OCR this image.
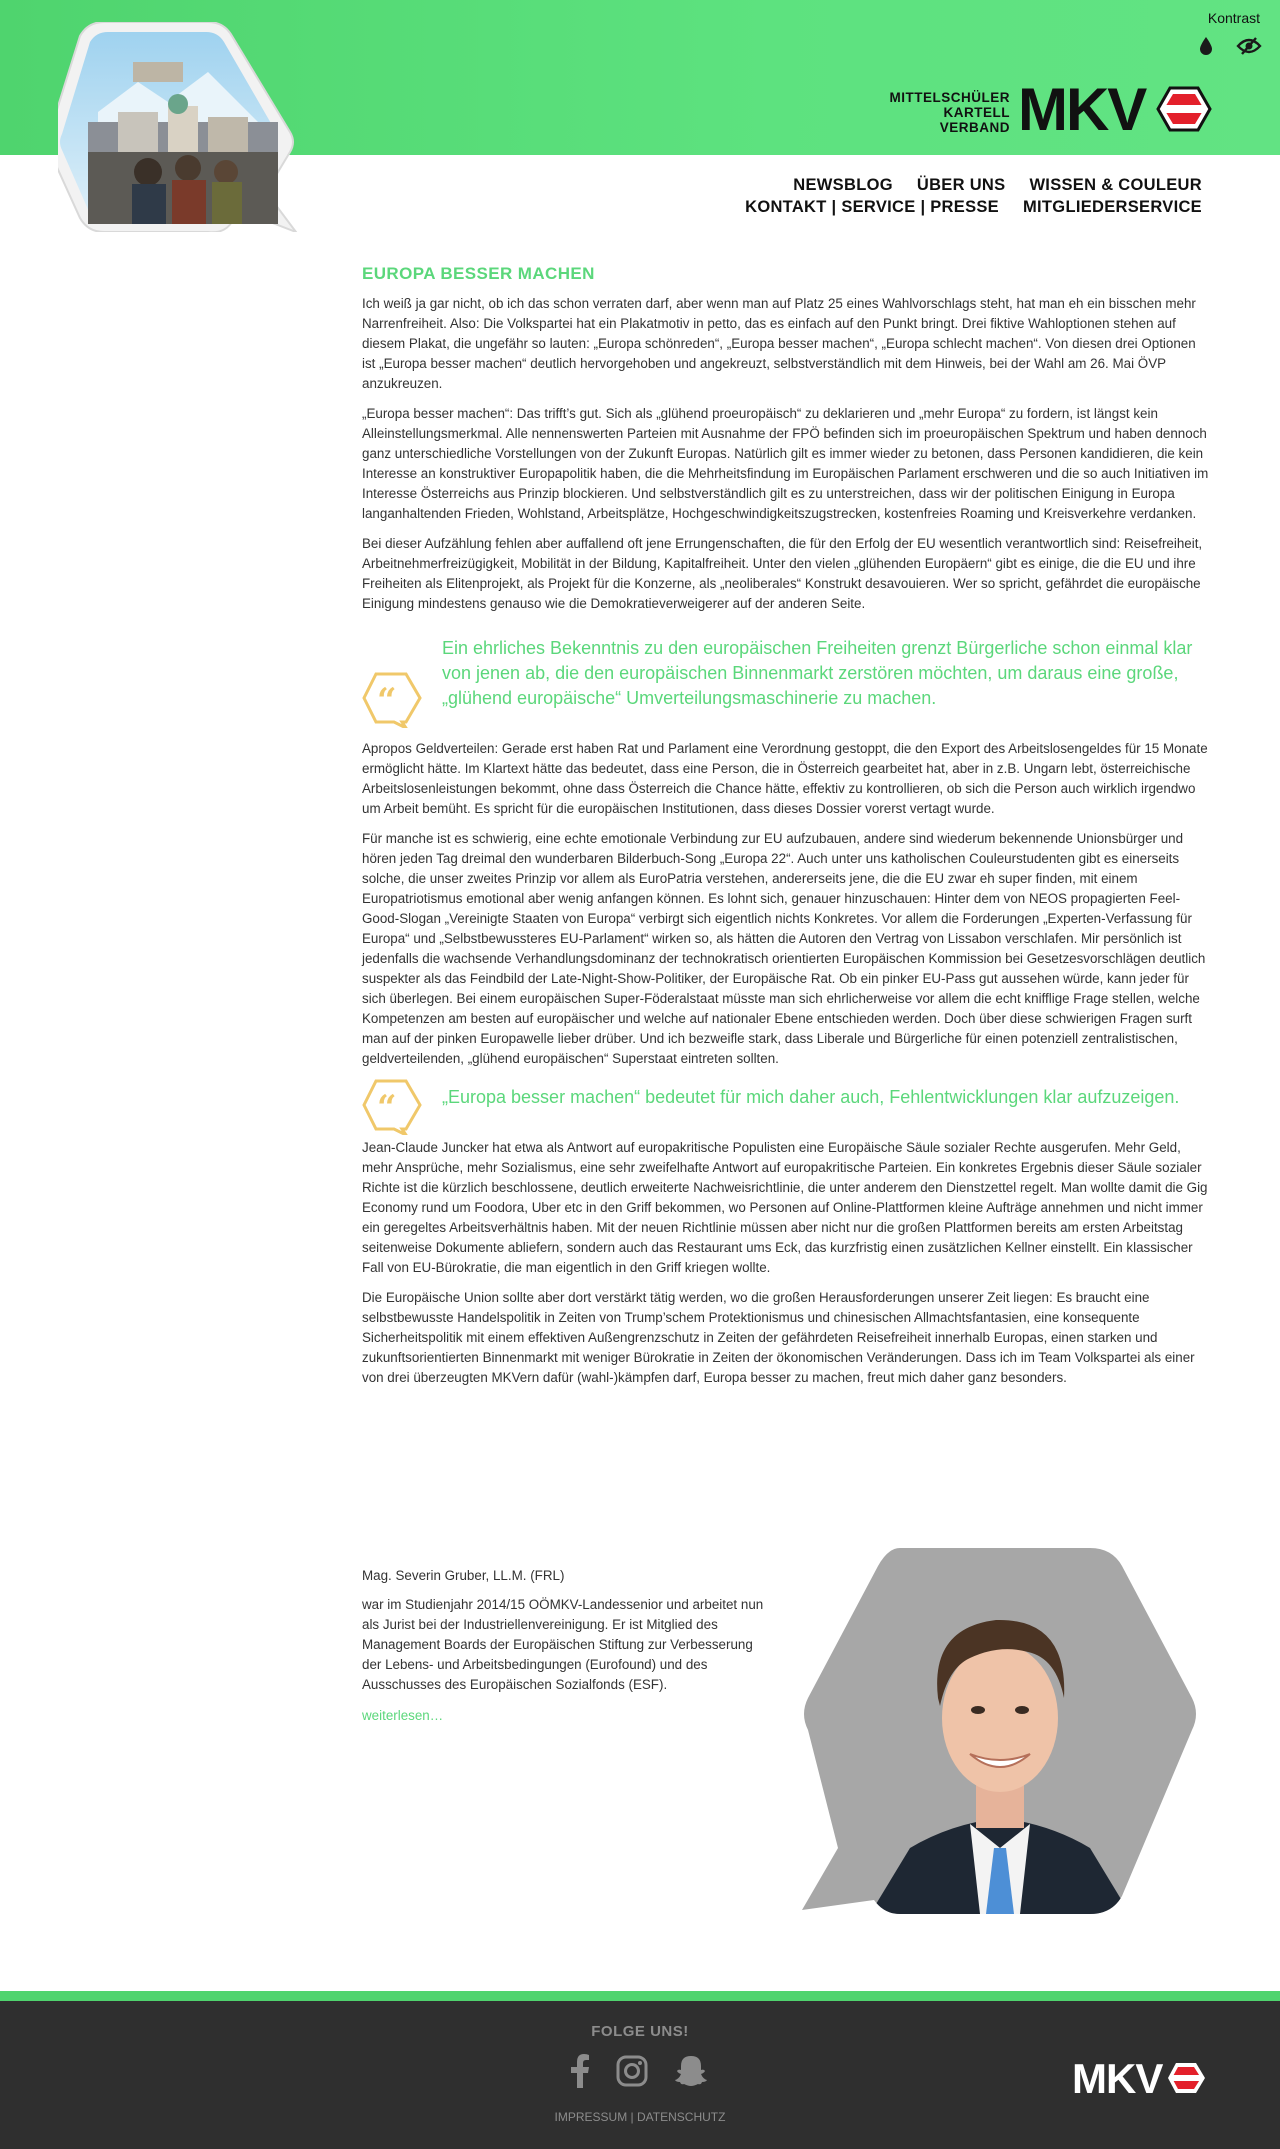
Kontrast
MITTELSCHÜLER
KARTELL
VERBAND MKV
NEWSBLOG ÜBER UNS WISSEN & COULEUR
KONTAKT | SERVICE | PRESSE MITGLIEDERSERVICE
EUROPA BESSER MACHEN

Ich weiß ja gar nicht, ob ich das schon verraten darf, aber wenn man auf Platz 25 eines Wahlvorschlags steht, hat man eh ein bisschen mehr Narrenfreiheit. Also: Die Volkspartei hat ein Plakatmotiv in petto, das es einfach auf den Punkt bringt. Drei fiktive Wahloptionen stehen auf diesem Plakat, die ungefähr so lauten: „Europa schönreden“, „Europa besser machen“, „Europa schlecht machen“. Von diesen drei Optionen ist „Europa besser machen“ deutlich hervorgehoben und angekreuzt, selbstverständlich mit dem Hinweis, bei der Wahl am 26. Mai ÖVP anzukreuzen.

„Europa besser machen“: Das trifft’s gut. Sich als „glühend proeuropäisch“ zu deklarieren und „mehr Europa“ zu fordern, ist längst kein Alleinstellungsmerkmal. Alle nennenswerten Parteien mit Ausnahme der FPÖ befinden sich im proeuropäischen Spektrum und haben dennoch ganz unterschiedliche Vorstellungen von der Zukunft Europas. Natürlich gilt es immer wieder zu betonen, dass Personen kandidieren, die kein Interesse an konstruktiver Europapolitik haben, die die Mehrheitsfindung im Europäischen Parlament erschweren und die so auch Initiativen im Interesse Österreichs aus Prinzip blockieren. Und selbstverständlich gilt es zu unterstreichen, dass wir der politischen Einigung in Europa langanhaltenden Frieden, Wohlstand, Arbeitsplätze, Hochgeschwindigkeitszugstrecken, kostenfreies Roaming und Kreisverkehre verdanken.

Bei dieser Aufzählung fehlen aber auffallend oft jene Errungenschaften, die für den Erfolg der EU wesentlich verantwortlich sind: Reisefreiheit, Arbeitnehmerfreizügigkeit, Mobilität in der Bildung, Kapitalfreiheit. Unter den vielen „glühenden Europäern“ gibt es einige, die die EU und ihre Freiheiten als Elitenprojekt, als Projekt für die Konzerne, als „neoliberales“ Konstrukt desavouieren. Wer so spricht, gefährdet die europäische Einigung mindestens genauso wie die Demokratieverweigerer auf der anderen Seite.

“
Ein ehrliches Bekenntnis zu den europäischen Freiheiten grenzt Bürgerliche schon einmal klar von jenen ab, die den europäischen Binnenmarkt zerstören möchten, um daraus eine große, „glühend europäische“ Umverteilungsmaschinerie zu machen.

Apropos Geldverteilen: Gerade erst haben Rat und Parlament eine Verordnung gestoppt, die den Export des Arbeitslosengeldes für 15 Monate ermöglicht hätte. Im Klartext hätte das bedeutet, dass eine Person, die in Österreich gearbeitet hat, aber in z.B. Ungarn lebt, österreichische Arbeitslosenleistungen bekommt, ohne dass Österreich die Chance hätte, effektiv zu kontrollieren, ob sich die Person auch wirklich irgendwo um Arbeit bemüht. Es spricht für die europäischen Institutionen, dass dieses Dossier vorerst vertagt wurde.

Für manche ist es schwierig, eine echte emotionale Verbindung zur EU aufzubauen, andere sind wiederum bekennende Unionsbürger und hören jeden Tag dreimal den wunderbaren Bilderbuch-Song „Europa 22“. Auch unter uns katholischen Couleurstudenten gibt es einerseits solche, die unser zweites Prinzip vor allem als EuroPatria verstehen, andererseits jene, die die EU zwar eh super finden, mit einem Europatriotismus emotional aber wenig anfangen können. Es lohnt sich, genauer hinzuschauen: Hinter dem von NEOS propagierten Feel-Good-Slogan „Vereinigte Staaten von Europa“ verbirgt sich eigentlich nichts Konkretes. Vor allem die Forderungen „Experten-Verfassung für Europa“ und „Selbstbewussteres EU-Parlament“ wirken so, als hätten die Autoren den Vertrag von Lissabon verschlafen. Mir persönlich ist jedenfalls die wachsende Verhandlungsdominanz der technokratisch orientierten Europäischen Kommission bei Gesetzesvorschlägen deutlich suspekter als das Feindbild der Late-Night-Show-Politiker, der Europäische Rat. Ob ein pinker EU-Pass gut aussehen würde, kann jeder für sich überlegen. Bei einem europäischen Super-Föderalstaat müsste man sich ehrlicherweise vor allem die echt knifflige Frage stellen, welche Kompetenzen am besten auf europäischer und welche auf nationaler Ebene entschieden werden. Doch über diese schwierigen Fragen surft man auf der pinken Europawelle lieber drüber. Und ich bezweifle stark, dass Liberale und Bürgerliche für einen potenziell zentralistischen, geldverteilenden, „glühend europäischen“ Superstaat eintreten sollten.

“	„Europa besser machen“ bedeutet für mich daher auch, Fehlentwicklungen klar aufzuzeigen.

Jean-Claude Juncker hat etwa als Antwort auf europakritische Populisten eine Europäische Säule sozialer Rechte ausgerufen. Mehr Geld, mehr Ansprüche, mehr Sozialismus, eine sehr zweifelhafte Antwort auf europakritische Parteien. Ein konkretes Ergebnis dieser Säule sozialer Richte ist die kürzlich beschlossene, deutlich erweiterte Nachweisrichtlinie, die unter anderem den Dienstzettel regelt. Man wollte damit die Gig Economy rund um Foodora, Uber etc in den Griff bekommen, wo Personen auf Online-Plattformen kleine Aufträge annehmen und nicht immer ein geregeltes Arbeitsverhältnis haben. Mit der neuen Richtlinie müssen aber nicht nur die großen Plattformen bereits am ersten Arbeitstag seitenweise Dokumente abliefern, sondern auch das Restaurant ums Eck, das kurzfristig einen zusätzlichen Kellner einstellt. Ein klassischer Fall von EU-Bürokratie, die man eigentlich in den Griff kriegen wollte.

Die Europäische Union sollte aber dort verstärkt tätig werden, wo die großen Herausforderungen unserer Zeit liegen: Es braucht eine selbstbewusste Handelspolitik in Zeiten von Trump’schem Protektionismus und chinesischen Allmachtsfantasien, eine konsequente Sicherheitspolitik mit einem effektiven Außengrenzschutz in Zeiten der gefährdeten Reisefreiheit innerhalb Europas, einen starken und zukunftsorientierten Binnenmarkt mit weniger Bürokratie in Zeiten der ökonomischen Veränderungen. Dass ich im Team Volkspartei als einer von drei überzeugten MKVern dafür (wahl-)kämpfen darf, Europa besser zu machen, freut mich daher ganz besonders.

Mag. Severin Gruber, LL.M. (FRL)
war im Studienjahr 2014/15 OÖMKV-Landessenior und arbeitet nun als Jurist bei der Industriellenvereinigung. Er ist Mitglied des Management Boards der Europäischen Stiftung zur Verbesserung der Lebens- und Arbeitsbedingungen (Eurofound) und des Ausschusses des Europäischen Sozialfonds (ESF).
weiterlesen…
FOLGE UNS!
IMPRESSUM | DATENSCHUTZ
MKV
